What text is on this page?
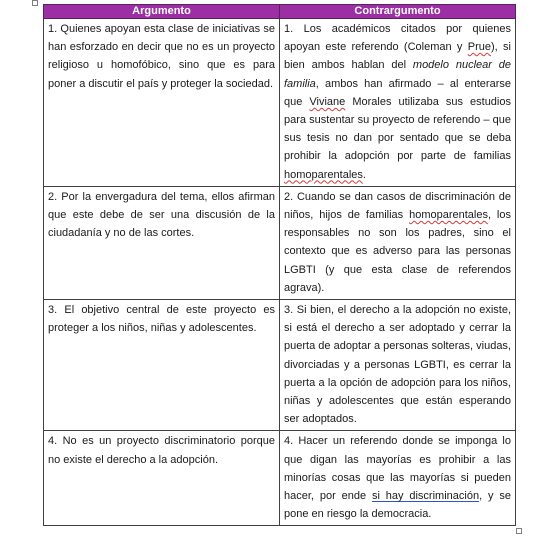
Argumento	Contrargumento
1. Quienes apoyan esta clase de iniciativas se han esforzado en decir que no es un proyecto religioso u homofóbico, sino que es para poner a discutir el país y proteger la sociedad.	1. Los académicos citados por quienes apoyan este referendo (Coleman y Prue), si bien ambos hablan del modelo nuclear de familia, ambos han afirmado – al enterarse que Viviane Morales utilizaba sus estudios para sustentar su proyecto de referendo – que sus tesis no dan por sentado que se deba prohibir la adopción por parte de familias homoparentales.
2. Por la envergadura del tema, ellos afirman que este debe de ser una discusión de la ciudadanía y no de las cortes.	2. Cuando se dan casos de discriminación de niños, hijos de familias homoparentales, los responsables no son los padres, sino el contexto que es adverso para las personas LGBTI (y que esta clase de referendos agrava).
3. El objetivo central de este proyecto es proteger a los niños, niñas y adolescentes.	3. Si bien, el derecho a la adopción no existe, si está el derecho a ser adoptado y cerrar la puerta de adoptar a personas solteras, viudas, divorciadas y a personas LGBTI, es cerrar la puerta a la opción de adopción para los niños, niñas y adolescentes que están esperando ser adoptados.
4. No es un proyecto discriminatorio porque no existe el derecho a la adopción.	4. Hacer un referendo donde se imponga lo que digan las mayorías es prohibir a las minorías cosas que las mayorías si pueden hacer, por ende si hay discriminación, y se pone en riesgo la democracia.
